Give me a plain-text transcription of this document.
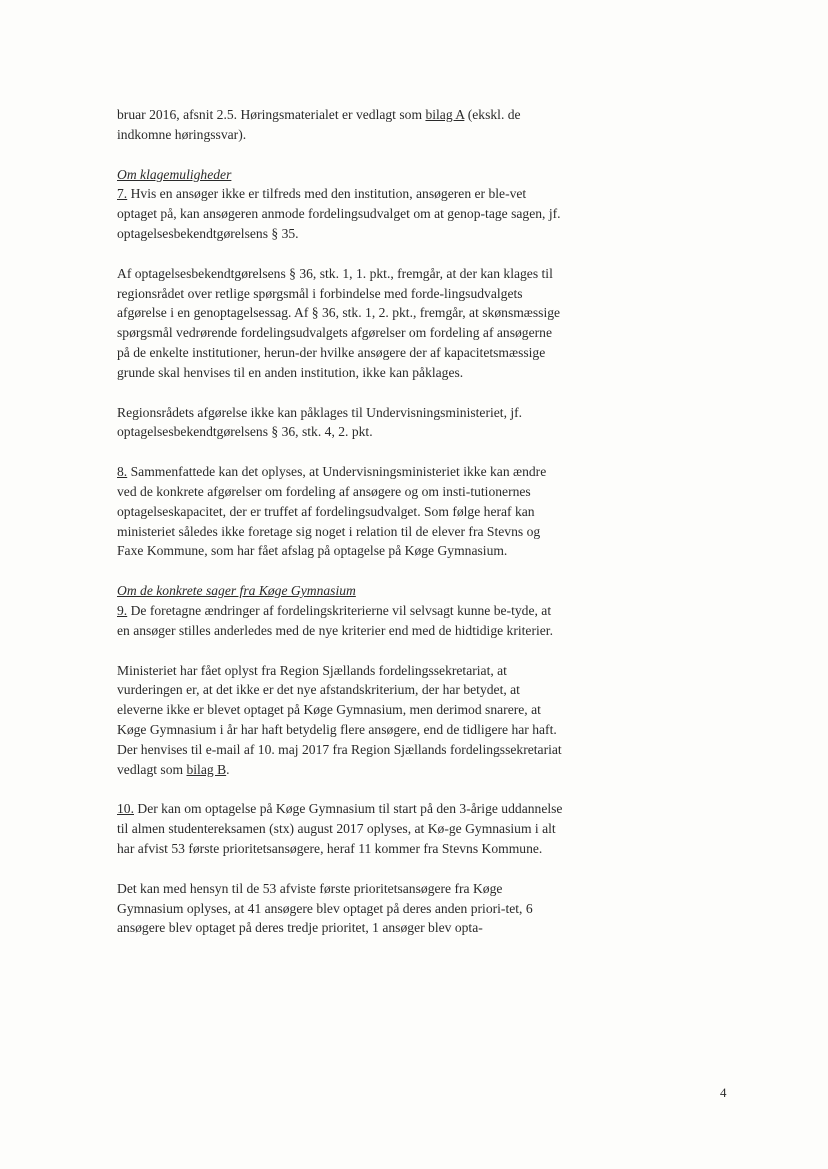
bruar 2016, afsnit 2.5. Høringsmaterialet er vedlagt som bilag A (ekskl. de indkomne høringssvar).

Om klagemuligheder

7. Hvis en ansøger ikke er tilfreds med den institution, ansøgeren er ble-vet optaget på, kan ansøgeren anmode fordelingsudvalget om at genop-tage sagen, jf. optagelsesbekendtgørelsens § 35.

Af optagelsesbekendtgørelsens § 36, stk. 1, 1. pkt., fremgår, at der kan klages til regionsrådet over retlige spørgsmål i forbindelse med forde-lingsudvalgets afgørelse i en genoptagelsessag. Af § 36, stk. 1, 2. pkt., fremgår, at skønsmæssige spørgsmål vedrørende fordelingsudvalgets afgørelser om fordeling af ansøgerne på de enkelte institutioner, herun-der hvilke ansøgere der af kapacitetsmæssige grunde skal henvises til en anden institution, ikke kan påklages.

Regionsrådets afgørelse ikke kan påklages til Undervisningsministeriet, jf. optagelsesbekendtgørelsens § 36, stk. 4, 2. pkt.

8. Sammenfattede kan det oplyses, at Undervisningsministeriet ikke kan ændre ved de konkrete afgørelser om fordeling af ansøgere og om insti-tutionernes optagelseskapacitet, der er truffet af fordelingsudvalget. Som følge heraf kan ministeriet således ikke foretage sig noget i relation til de elever fra Stevns og Faxe Kommune, som har fået afslag på optagelse på Køge Gymnasium.

Om de konkrete sager fra Køge Gymnasium

9. De foretagne ændringer af fordelingskriterierne vil selvsagt kunne be-tyde, at en ansøger stilles anderledes med de nye kriterier end med de hidtidige kriterier.

Ministeriet har fået oplyst fra Region Sjællands fordelingssekretariat, at vurderingen er, at det ikke er det nye afstandskriterium, der har betydet, at eleverne ikke er blevet optaget på Køge Gymnasium, men derimod snarere, at Køge Gymnasium i år har haft betydelig flere ansøgere, end de tidligere har haft. Der henvises til e-mail af 10. maj 2017 fra Region Sjællands fordelingssekretariat vedlagt som bilag B.

10. Der kan om optagelse på Køge Gymnasium til start på den 3-årige uddannelse til almen studentereksamen (stx) august 2017 oplyses, at Kø-ge Gymnasium i alt har afvist 53 første prioritetsansøgere, heraf 11 kommer fra Stevns Kommune.

Det kan med hensyn til de 53 afviste første prioritetsansøgere fra Køge Gymnasium oplyses, at 41 ansøgere blev optaget på deres anden priori-tet, 6 ansøgere blev optaget på deres tredje prioritet, 1 ansøger blev opta-

4
